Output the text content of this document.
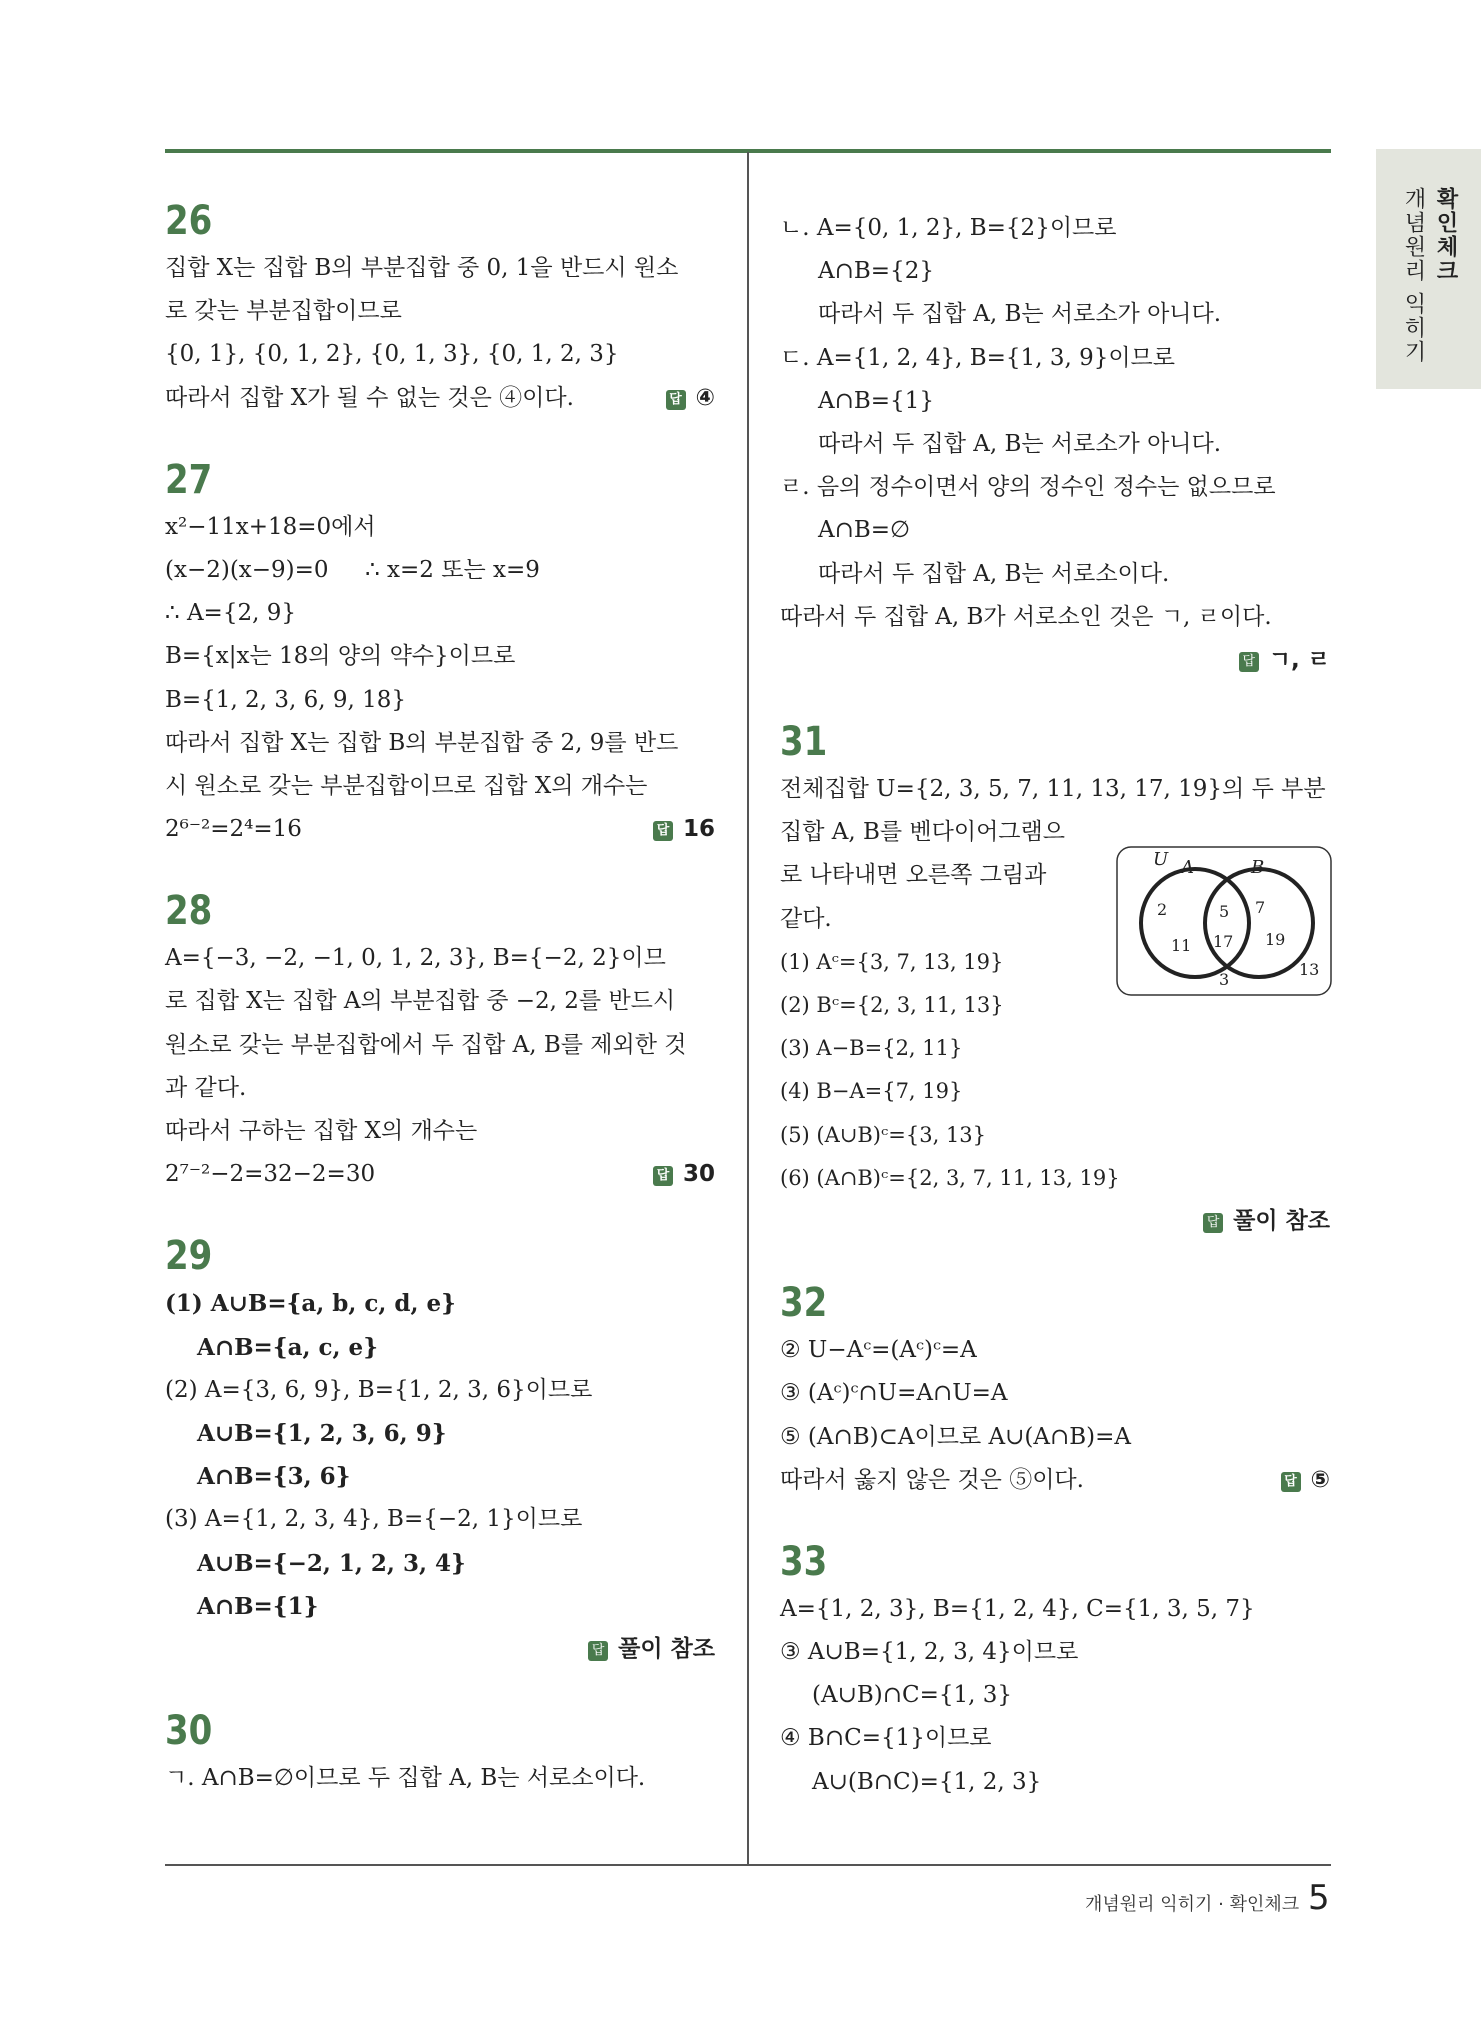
확인체크
개념원리 익히기
26
집합 X는 집합 B의 부분집합 중 0, 1을 반드시 원소
로 갖는 부분집합이므로
{0, 1}, {0, 1, 2}, {0, 1, 3}, {0, 1, 2, 3}
따라서 집합 X가 될 수 없는 것은 ④이다.	답 ④
27
x²−11x+18=0에서
(x−2)(x−9)=0     ∴ x=2 또는 x=9
∴ A={2, 9}
B={x|x는 18의 양의 약수}이므로
B={1, 2, 3, 6, 9, 18}
따라서 집합 X는 집합 B의 부분집합 중 2, 9를 반드
시 원소로 갖는 부분집합이므로 집합 X의 개수는
2⁶⁻²=2⁴=16	답 16
28
A={−3, −2, −1, 0, 1, 2, 3}, B={−2, 2}이므
로 집합 X는 집합 A의 부분집합 중 −2, 2를 반드시
원소로 갖는 부분집합에서 두 집합 A, B를 제외한 것
과 같다.
따라서 구하는 집합 X의 개수는
2⁷⁻²−2=32−2=30	답 30
29
(1) A∪B={a, b, c, d, e}
A∩B={a, c, e}
(2) A={3, 6, 9}, B={1, 2, 3, 6}이므로
A∪B={1, 2, 3, 6, 9}
A∩B={3, 6}
(3) A={1, 2, 3, 4}, B={−2, 1}이므로
A∪B={−2, 1, 2, 3, 4}
A∩B={1}
답 풀이 참조
30
ㄱ. A∩B=∅이므로 두 집합 A, B는 서로소이다.
ㄴ. A={0, 1, 2}, B={2}이므로
A∩B={2}
따라서 두 집합 A, B는 서로소가 아니다.
ㄷ. A={1, 2, 4}, B={1, 3, 9}이므로
A∩B={1}
따라서 두 집합 A, B는 서로소가 아니다.
ㄹ. 음의 정수이면서 양의 정수인 정수는 없으므로
A∩B=∅
따라서 두 집합 A, B는 서로소이다.
따라서 두 집합 A, B가 서로소인 것은 ㄱ, ㄹ이다.
답 ㄱ, ㄹ
31
전체집합 U={2, 3, 5, 7, 11, 13, 17, 19}의 두 부분
집합 A, B를 벤다이어그램으
로 나타내면 오른쪽 그림과
같다.
(1) Aᶜ={3, 7, 13, 19}
(2) Bᶜ={2, 3, 11, 13}
(3) A−B={2, 11}
(4) B−A={7, 19}
(5) (A∪B)ᶜ={3, 13}
(6) (A∩B)ᶜ={2, 3, 7, 11, 13, 19}
답 풀이 참조
32
② U−Aᶜ=(Aᶜ)ᶜ=A
③ (Aᶜ)ᶜ∩U=A∩U=A
⑤ (A∩B)⊂A이므로 A∪(A∩B)=A
따라서 옳지 않은 것은 ⑤이다.	답 ⑤
33
A={1, 2, 3}, B={1, 2, 4}, C={1, 3, 5, 7}
③ A∪B={1, 2, 3, 4}이므로
(A∪B)∩C={1, 3}
④ B∩C={1}이므로
A∪(B∩C)={1, 2, 3}
U A	B
2
11
5
17
7
19
3
13
개념원리 익히기 · 확인체크 5
